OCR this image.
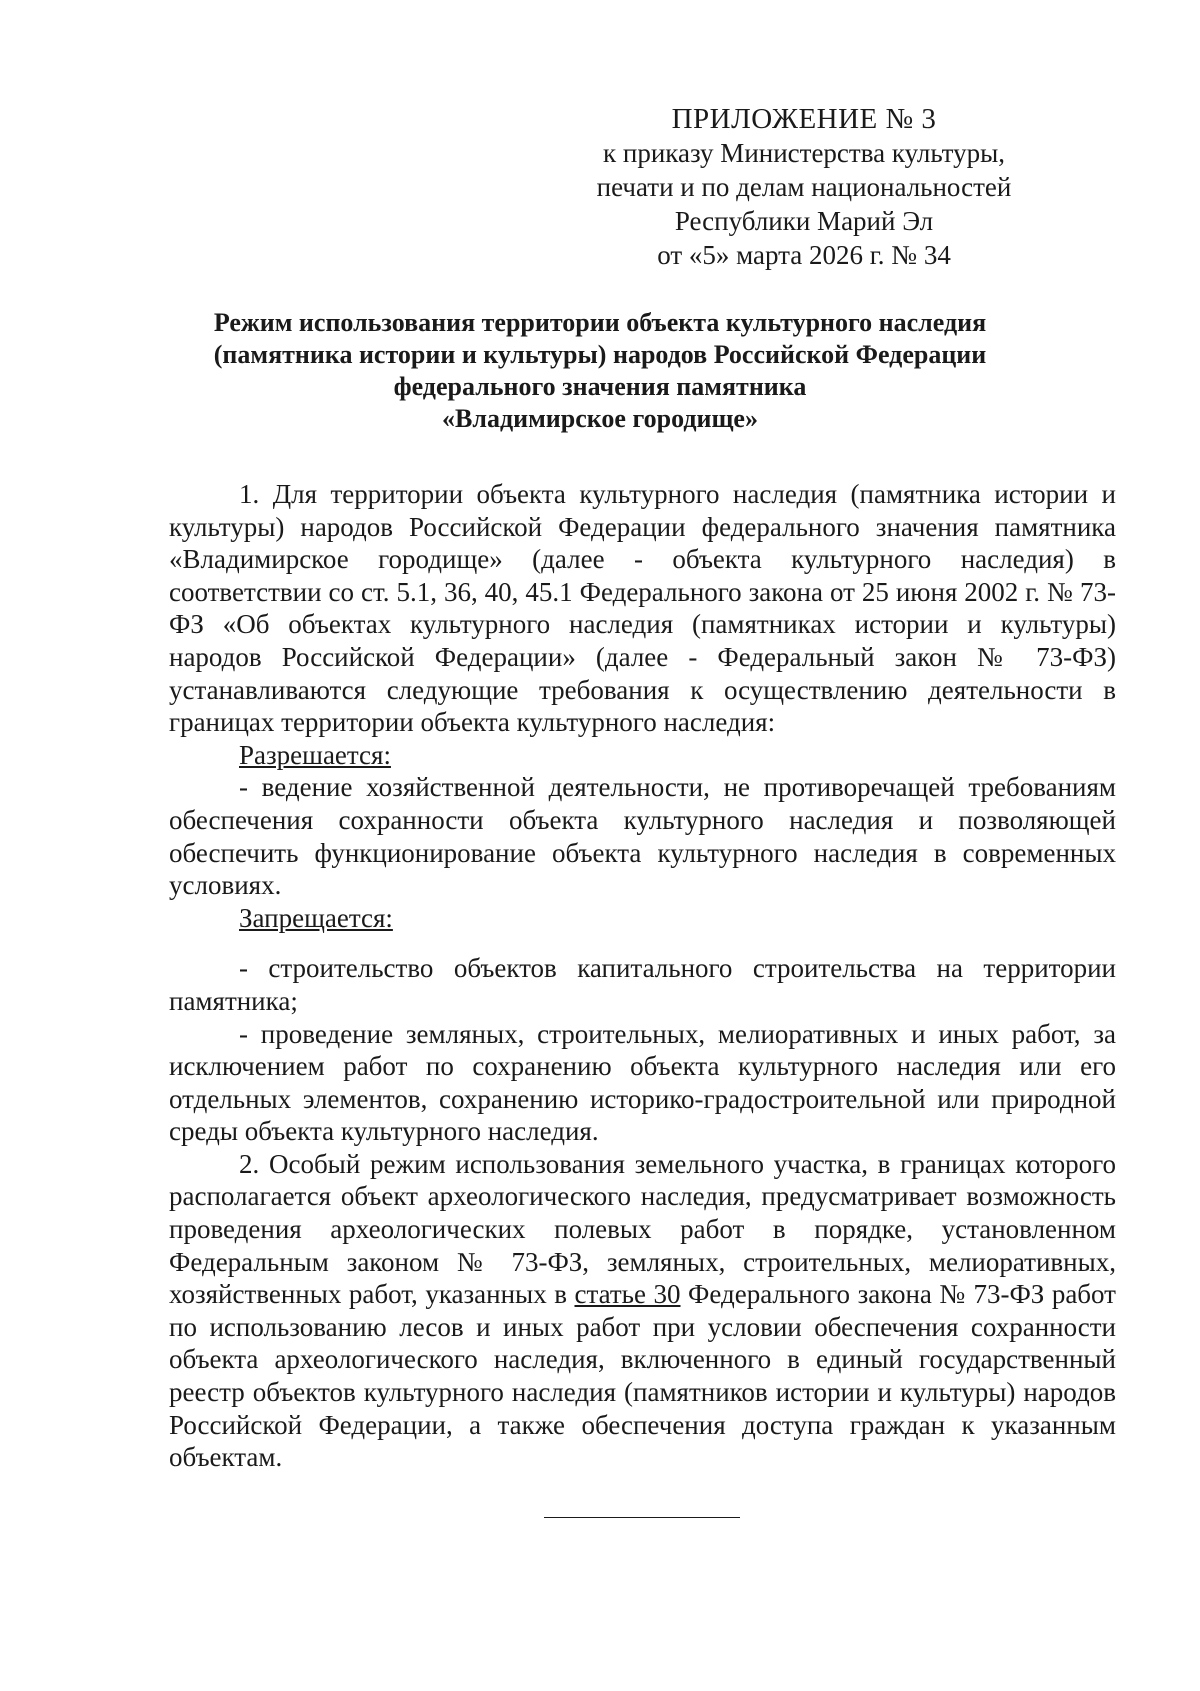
ПРИЛОЖЕНИЕ № 3
к приказу Министерства культуры,
печати и по делам национальностей
Республики Марий Эл
от «5» марта 2026 г. № 34
Режим использования территории объекта культурного наследия
(памятника истории и культуры) народов Российской Федерации
федерального значения памятника
«Владимирское городище»

1. Для территории объекта культурного наследия (памятника истории и культуры) народов Российской Федерации федерального значения памятника «Владимирское городище» (далее - объекта культурного наследия) в соответствии со ст. 5.1, 36, 40, 45.1 Федерального закона от 25 июня 2002 г. № 73-ФЗ «Об объектах культурного наследия (памятниках истории и культуры) народов Российской Федерации» (далее - Федеральный закон № 73-ФЗ) устанавливаются следующие требования к осуществлению деятельности в границах территории объекта культурного наследия:

Разрешается:

- ведение хозяйственной деятельности, не противоречащей требованиям обеспечения сохранности объекта культурного наследия и позволяющей обеспечить функционирование объекта культурного наследия в современных условиях.

Запрещается:

- строительство объектов капитального строительства на территории памятника;

- проведение земляных, строительных, мелиоративных и иных работ, за исключением работ по сохранению объекта культурного наследия или его отдельных элементов, сохранению историко-градостроительной или природной среды объекта культурного наследия.

2. Особый режим использования земельного участка, в границах которого располагается объект археологического наследия, предусматривает возможность проведения археологических полевых работ в порядке, установленном Федеральным законом № 73-ФЗ, земляных, строительных, мелиоративных, хозяйственных работ, указанных в статье 30 Федерального закона № 73-ФЗ работ по использованию лесов и иных работ при условии обеспечения сохранности объекта археологического наследия, включенного в единый государственный реестр объектов культурного наследия (памятников истории и культуры) народов Российской Федерации, а также обеспечения доступа граждан к указанным объектам.
